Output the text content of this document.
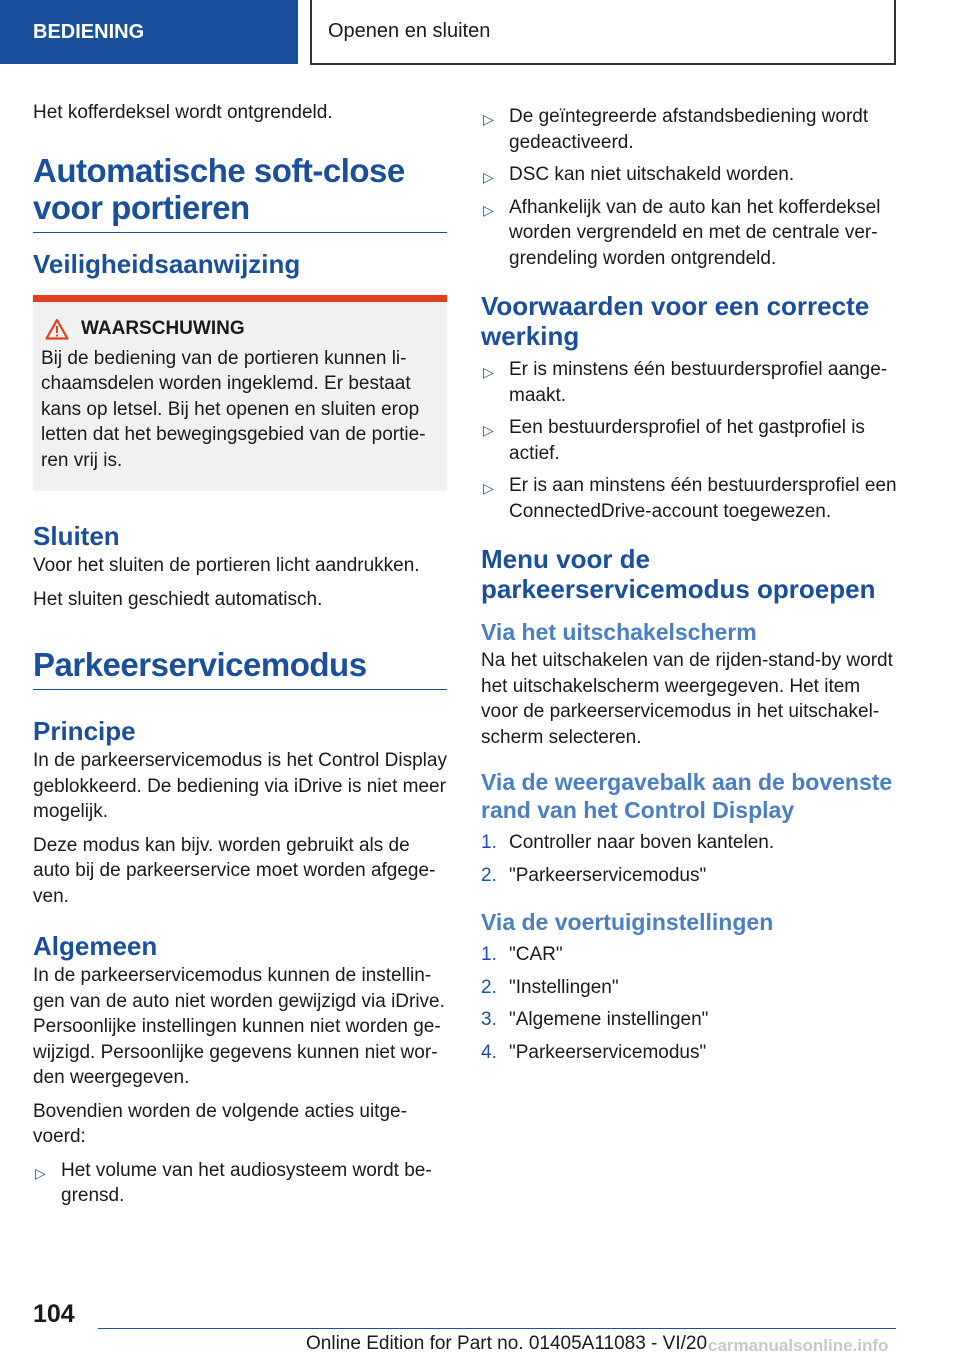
BEDIENING	Openen en sluiten

Het kofferdeksel wordt ontgrendeld.

Automatische soft-close voor portieren
Veiligheidsaanwijzing
WAARSCHUWING

Bij de bediening van de portieren kunnen lichaamsdelen worden ingeklemd. Er bestaat kans op letsel. Bij het openen en sluiten erop letten dat het bewegingsgebied van de portieren vrij is.

Sluiten

Voor het sluiten de portieren licht aandrukken.

Het sluiten geschiedt automatisch.

Parkeerservicemodus
Principe

In de parkeerservicemodus is het Control Display geblokkeerd. De bediening via iDrive is niet meer mogelijk.

Deze modus kan bijv. worden gebruikt als de auto bij de parkeerservice moet worden afgegeven.

Algemeen

In de parkeerservicemodus kunnen de instellingen van de auto niet worden gewijzigd via iDrive. Persoonlijke instellingen kunnen niet worden gewijzigd. Persoonlijke gegevens kunnen niet worden weergegeven.

Bovendien worden de volgende acties uitgevoerd:

▷ Het volume van het audiosysteem wordt begrensd.
▷ De geïntegreerde afstandsbediening wordt gedeactiveerd.
▷ DSC kan niet uitschakeld worden.
▷ Afhankelijk van de auto kan het kofferdeksel worden vergrendeld en met de centrale vergrendeling worden ontgrendeld.
Voorwaarden voor een correcte werking
▷ Er is minstens één bestuurdersprofiel aangemaakt.
▷ Een bestuurdersprofiel of het gastprofiel is actief.
▷ Er is aan minstens één bestuurdersprofiel een ConnectedDrive-account toegewezen.
Menu voor de parkeerservicemodus oproepen
Via het uitschakelscherm

Na het uitschakelen van de rijden-stand-by wordt het uitschakelscherm weergegeven. Het item voor de parkeerservicemodus in het uitschakelscherm selecteren.

Via de weergavebalk aan de bovenste rand van het Control Display
1. Controller naar boven kantelen.
2. "Parkeerservicemodus"
Via de voertuiginstellingen
1. "CAR"
2. "Instellingen"
3. "Algemene instellingen"
4. "Parkeerservicemodus"
104
Online Edition for Part no. 01405A11083 - VI/20 carmanualsonline.info
